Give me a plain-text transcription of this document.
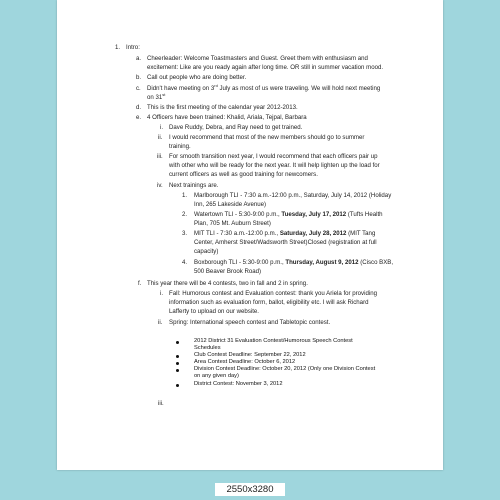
1. Intro:
a. Cheerleader: Welcome Toastmasters and Guest. Greet them with enthusiasm and
excitement: Like are you ready again after long time. OR still in summer vacation mood.
b. Call out people who are doing better.
c. Didn't have meeting on 3rd July as most of us were traveling. We will hold next meeting
on 31st
d. This is the first meeting of the calendar year 2012-2013.
e. 4 Officers have been trained: Khalid, Ariala, Tejpal, Barbara
i. Dave Ruddy, Debra, and Ray need to get trained.
ii. I would recommend that most of the new members should go to summer
training.
iii. For smooth transition next year, I would recommend that each officers pair up
with other who will be ready for the next year. It will help lighten up the load for
current officers as well as good training for newcomers.
iv. Next trainings are.
1. Marlborough TLI - 7:30 a.m.-12:00 p.m., Saturday, July 14, 2012 (Holiday
Inn, 265 Lakeside Avenue)
2. Watertown TLI - 5:30-9:00 p.m., Tuesday, July 17, 2012 (Tufts Health
Plan, 705 Mt. Auburn Street)
3. MIT TLI - 7:30 a.m.-12:00 p.m., Saturday, July 28, 2012 (MIT Tang
Center, Amherst Street/Wadsworth Street)Closed (registration at full
capacity)
4. Boxborough TLI - 5:30-9:00 p.m., Thursday, August 9, 2012 (Cisco BXB,
500 Beaver Brook Road)
f. This year there will be 4 contests, two in fall and 2 in spring.
i. Fall: Humorous contest and Evaluation contest: thank you Ariela for providing
information such as evaluation form, ballot, eligibility etc. I will ask Richard
Lafferty to upload on our website.
ii. Spring: International speech contest and Tabletopic contest.
2012 District 31 Evaluation Contest/Humorous Speech Contest
Schedules
Club Contest Deadline: September 22, 2012
Area Contest Deadline: October 6, 2012
Division Contest Deadline: October 20, 2012 (Only one Division Contest
on any given day)
District Contest: November 3, 2012
iii.
2550x3280
